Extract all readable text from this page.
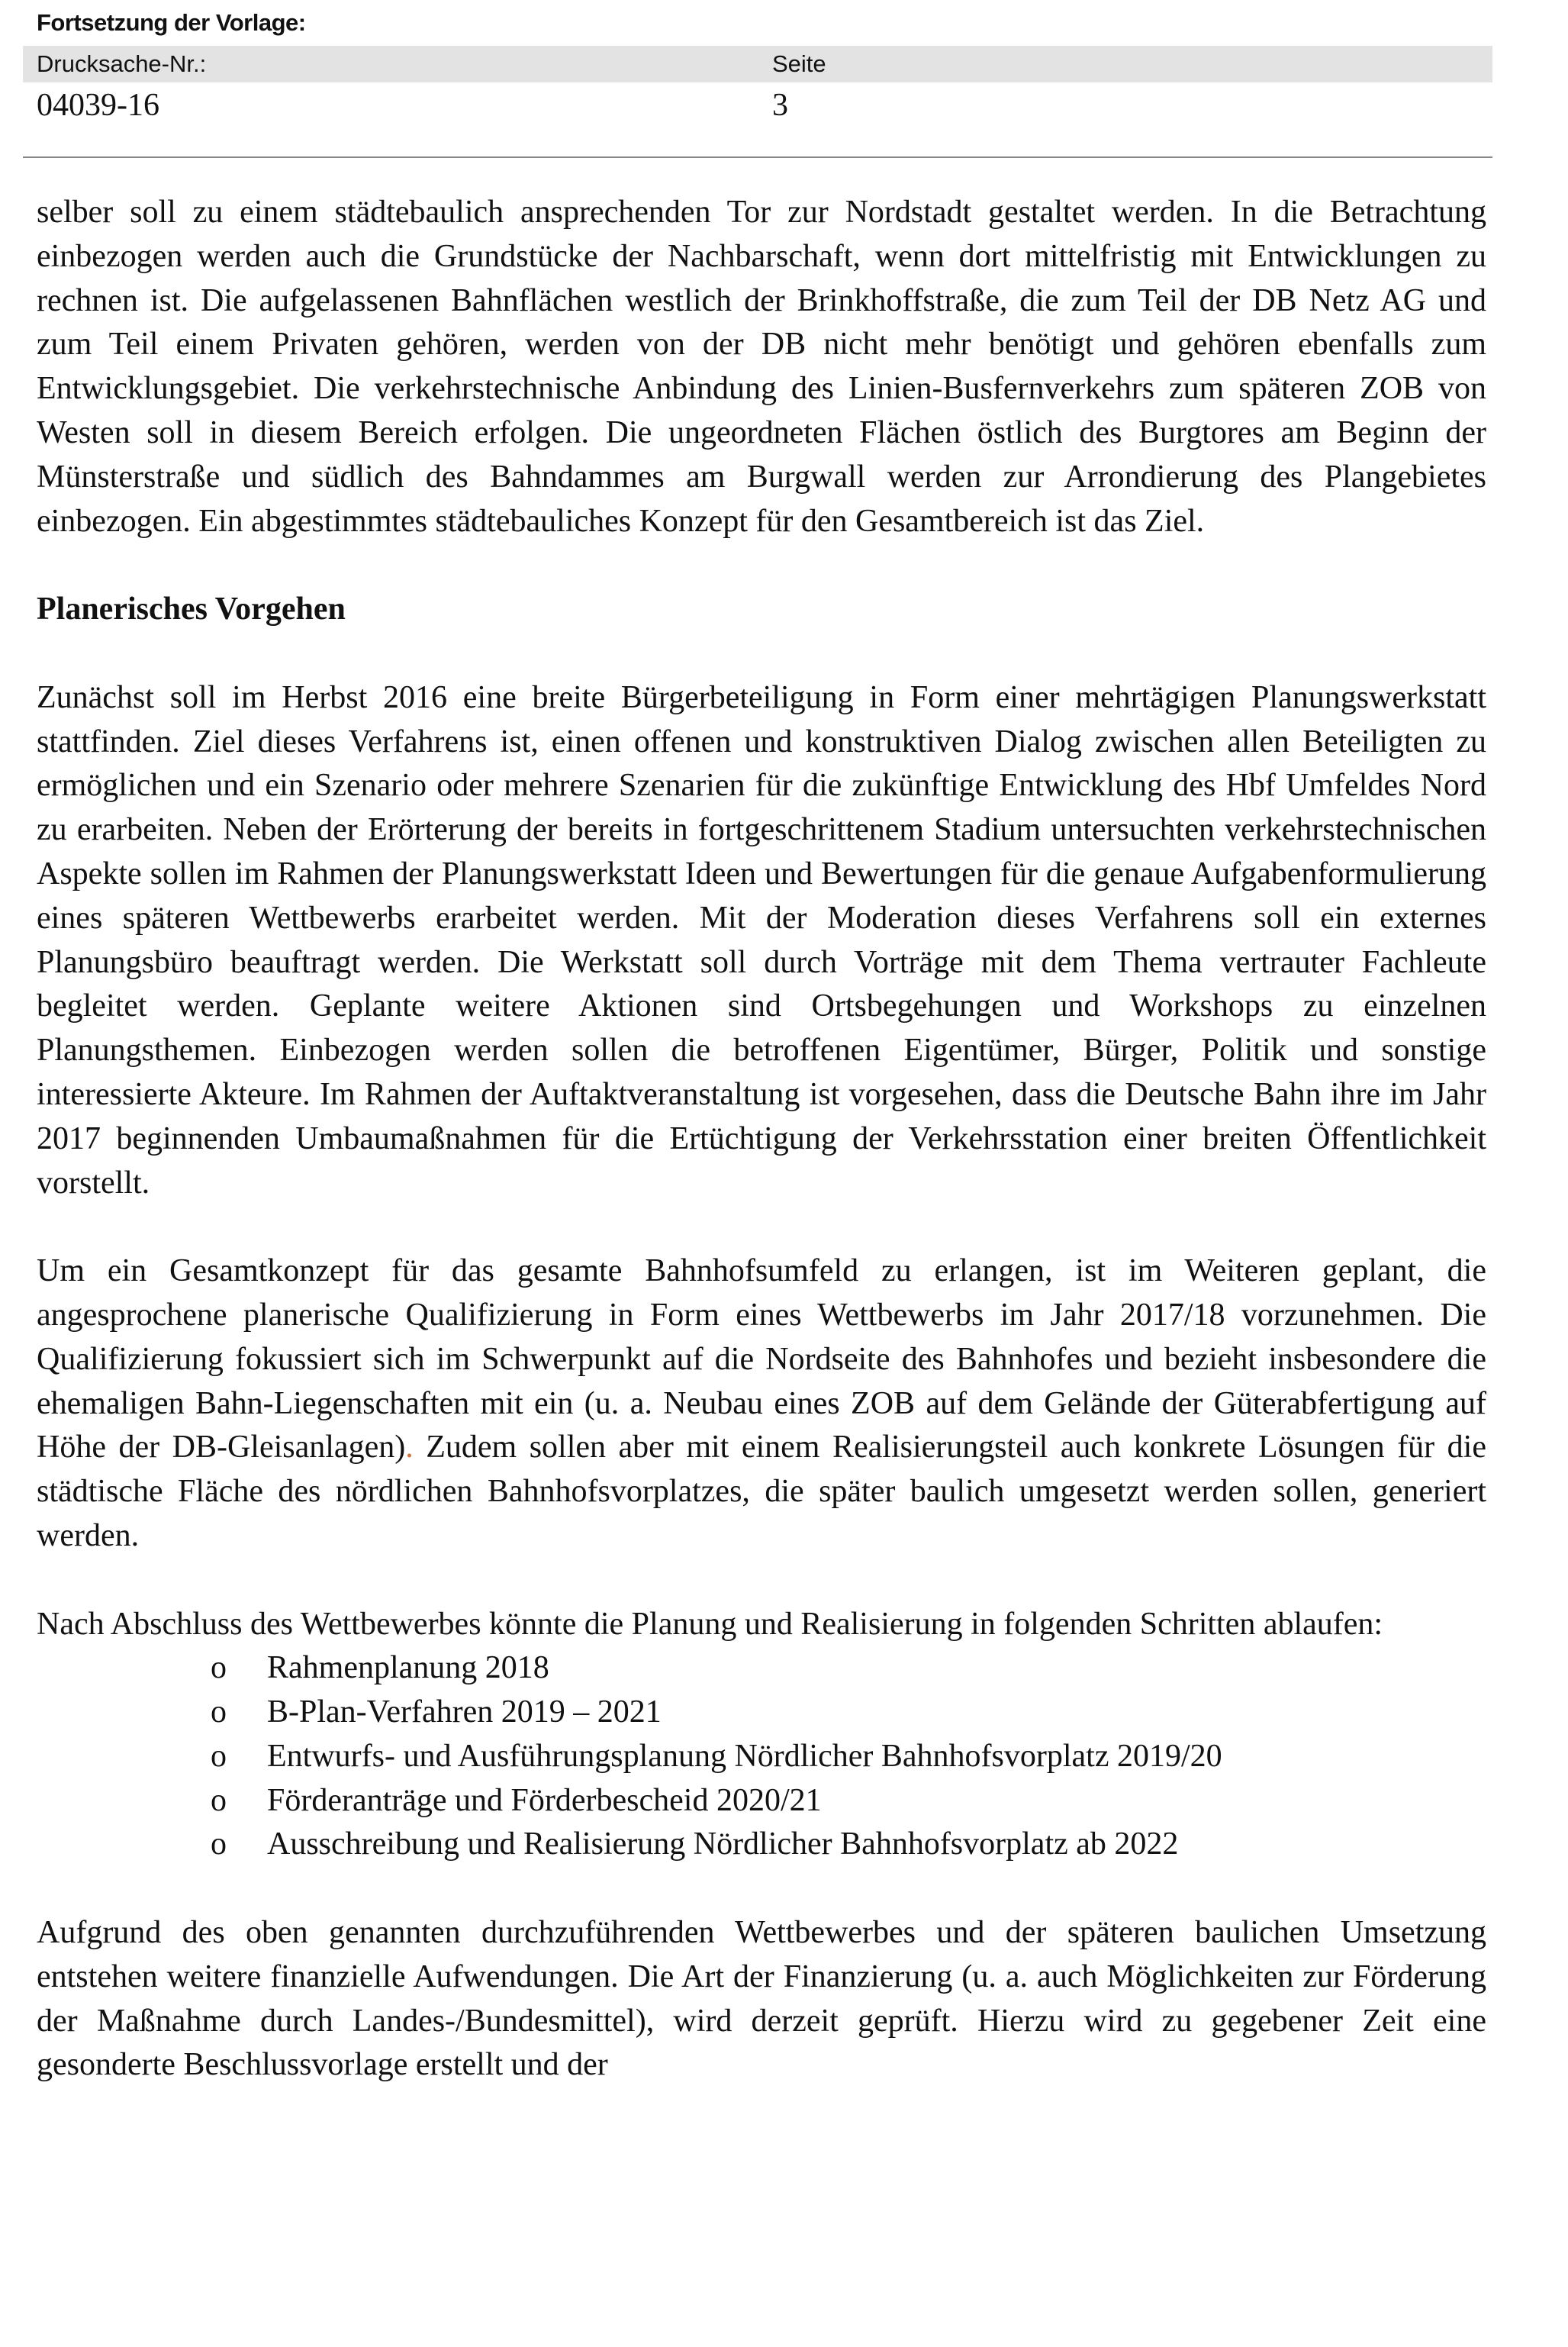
Fortsetzung der Vorlage:
Drucksache-Nr.:	Seite
04039-16	3

selber soll zu einem städtebaulich ansprechenden Tor zur Nordstadt gestaltet werden. In die Betrachtung einbezogen werden auch die Grundstücke der Nachbarschaft, wenn dort mittelfristig mit Entwicklungen zu rechnen ist. Die aufgelassenen Bahnflächen westlich der Brinkhoffstraße, die zum Teil der DB Netz AG und zum Teil einem Privaten gehören, werden von der DB nicht mehr benötigt und gehören ebenfalls zum Entwicklungsgebiet. Die verkehrstechnische Anbindung des Linien-Busfernverkehrs zum späteren ZOB von Westen soll in diesem Bereich erfolgen. Die ungeordneten Flächen östlich des Burgtores am Beginn der Münsterstraße und südlich des Bahndammes am Burgwall werden zur Arrondierung des Plangebietes einbezogen. Ein abgestimmtes städtebauliches Konzept für den Gesamtbereich ist das Ziel.

Planerisches Vorgehen

Zunächst soll im Herbst 2016 eine breite Bürgerbeteiligung in Form einer mehrtägigen Planungswerkstatt stattfinden. Ziel dieses Verfahrens ist, einen offenen und konstruktiven Dialog zwischen allen Beteiligten zu ermöglichen und ein Szenario oder mehrere Szenarien für die zukünftige Entwicklung des Hbf Umfeldes Nord zu erarbeiten. Neben der Erörterung der bereits in fortgeschrittenem Stadium untersuchten verkehrstechnischen Aspekte sollen im Rahmen der Planungswerkstatt Ideen und Bewertungen für die genaue Aufgabenformulierung eines späteren Wettbewerbs erarbeitet werden. Mit der Moderation dieses Verfahrens soll ein externes Planungsbüro beauftragt werden. Die Werkstatt soll durch Vorträge mit dem Thema vertrauter Fachleute begleitet werden. Geplante weitere Aktionen sind Ortsbegehungen und Workshops zu einzelnen Planungsthemen. Einbezogen werden sollen die betroffenen Eigentümer, Bürger, Politik und sonstige interessierte Akteure. Im Rahmen der Auftaktveranstaltung ist vorgesehen, dass die Deutsche Bahn ihre im Jahr 2017 beginnenden Umbaumaßnahmen für die Ertüchtigung der Verkehrsstation einer breiten Öffentlichkeit vorstellt.

Um ein Gesamtkonzept für das gesamte Bahnhofsumfeld zu erlangen, ist im Weiteren geplant, die angesprochene planerische Qualifizierung in Form eines Wettbewerbs im Jahr 2017/18 vorzunehmen. Die Qualifizierung fokussiert sich im Schwerpunkt auf die Nordseite des Bahnhofes und bezieht insbesondere die ehemaligen Bahn-Liegenschaften mit ein (u. a. Neubau eines ZOB auf dem Gelände der Güterabfertigung auf Höhe der DB-Gleisanlagen). Zudem sollen aber mit einem Realisierungsteil auch konkrete Lösungen für die städtische Fläche des nördlichen Bahnhofsvorplatzes, die später baulich umgesetzt werden sollen, generiert werden.

Nach Abschluss des Wettbewerbes könnte die Planung und Realisierung in folgenden Schritten ablaufen:

o Rahmenplanung 2018
o B-Plan-Verfahren 2019 – 2021
o Entwurfs- und Ausführungsplanung Nördlicher Bahnhofsvorplatz 2019/20
o Förderanträge und Förderbescheid 2020/21
o Ausschreibung und Realisierung Nördlicher Bahnhofsvorplatz ab 2022

Aufgrund des oben genannten durchzuführenden Wettbewerbes und der späteren baulichen Umsetzung entstehen weitere finanzielle Aufwendungen. Die Art der Finanzierung (u. a. auch Möglichkeiten zur Förderung der Maßnahme durch Landes-/Bundesmittel), wird derzeit geprüft. Hierzu wird zu gegebener Zeit eine gesonderte Beschlussvorlage erstellt und der
